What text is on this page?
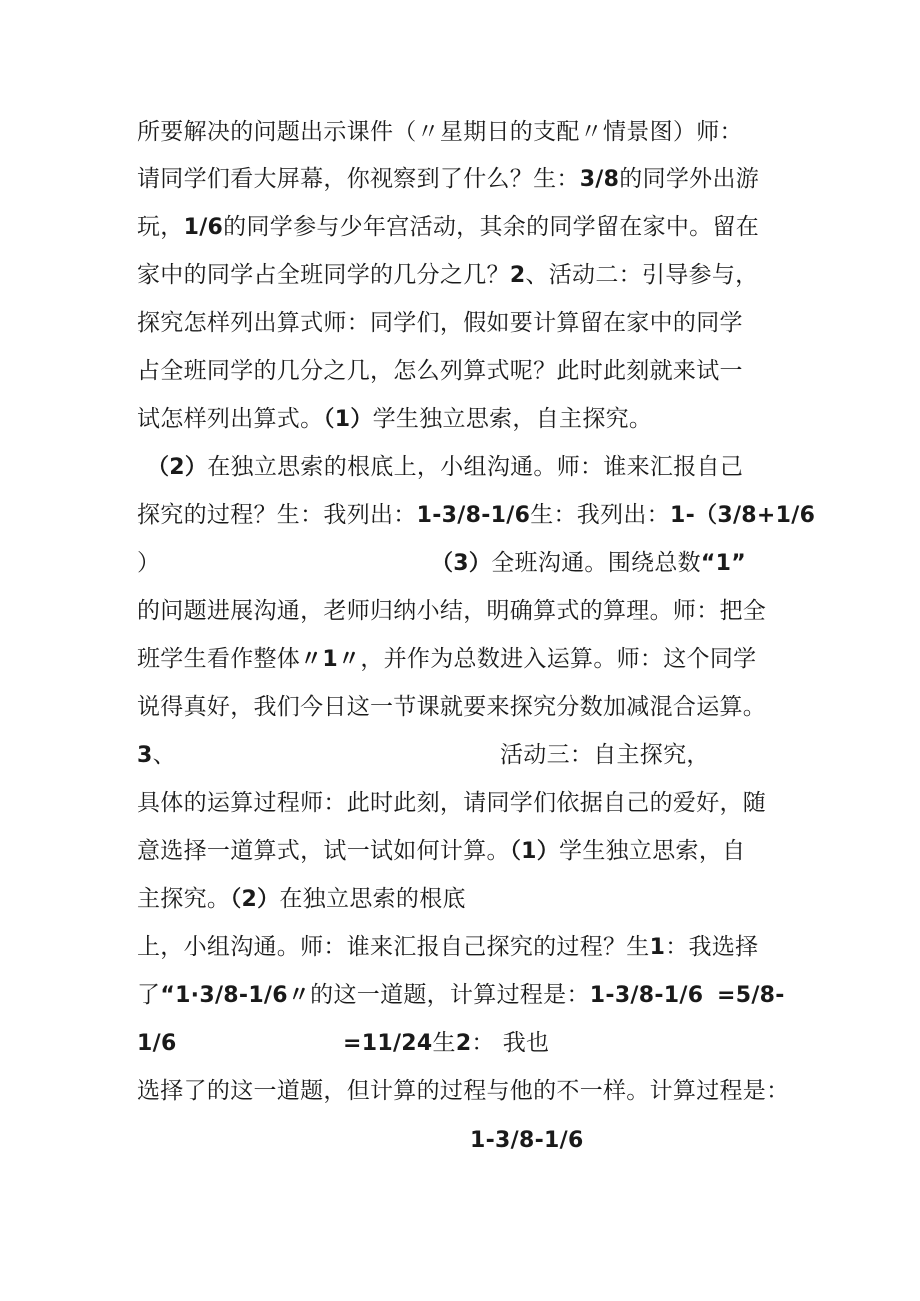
所要解决的问题出示课件（〃星期日的支配〃情景图）师：
请同学们看大屏幕，你视察到了什么？生：3/8的同学外出游
玩，1/6的同学参与少年宫活动，其余的同学留在家中。留在
家中的同学占全班同学的几分之几？2、活动二：引导参与，
探究怎样列出算式师：同学们，假如要计算留在家中的同学
占全班同学的几分之几，怎么列算式呢？此时此刻就来试一
试怎样列出算式。（1）学生独立思索，自主探究。
（2）在独立思索的根底上，小组沟通。师：谁来汇报自己
探究的过程？生：我列出：1-3/8-1/6生：我列出：1-（3/8+1/6
）	（3）全班沟通。围绕总数“1”
的问题进展沟通，老师归纳小结，明确算式的算理。师：把全
班学生看作整体〃1〃，并作为总数进入运算。师：这个同学
说得真好，我们今日这一节课就要来探究分数加减混合运算。
3、	活动三：自主探究，
具体的运算过程师：此时此刻，请同学们依据自己的爱好，随
意选择一道算式，试一试如何计算。（1）学生独立思索，自
主探究。（2）在独立思索的根底
上，小组沟通。师：谁来汇报自己探究的过程？生1：我选择
了“1·3/8-1/6〃的这一道题，计算过程是：1-3/8-1/6 =5/8-
1/6	=11/24生2： 我也
选择了的这一道题，但计算的过程与他的不一样。计算过程是：
1-3/8-1/6
